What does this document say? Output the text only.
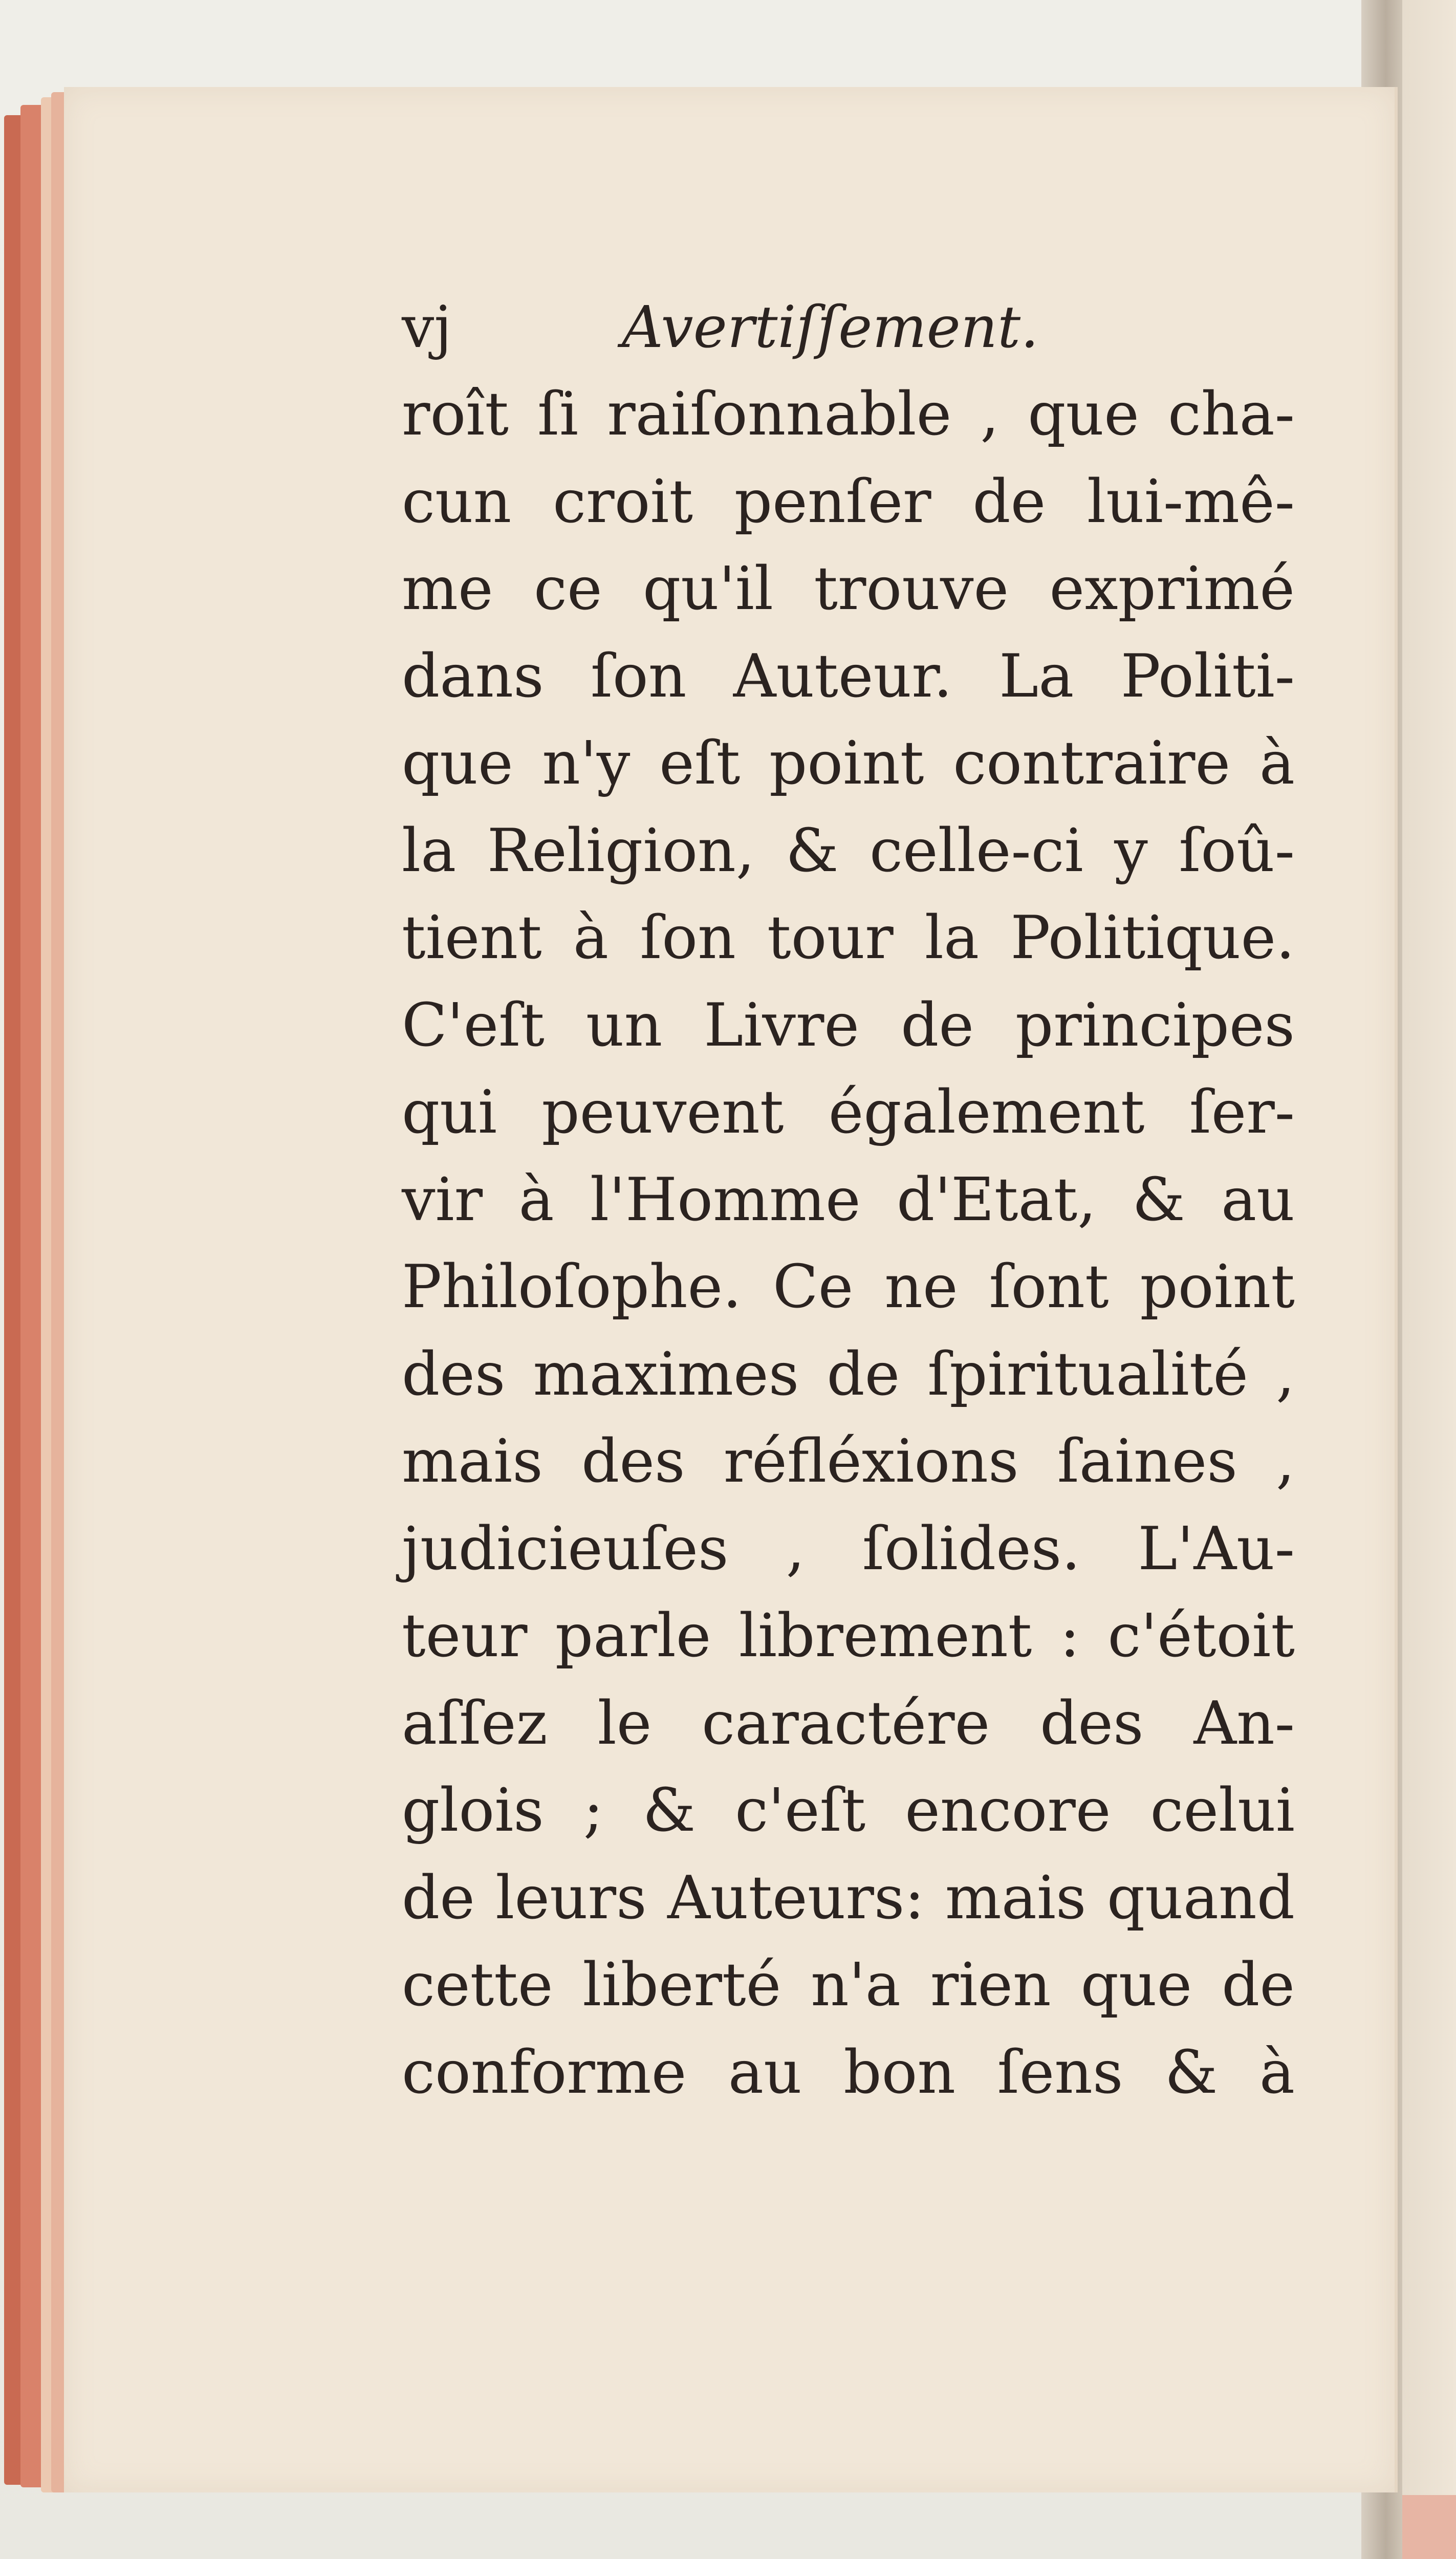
vj	Avertiſſement.
roît ſi raiſonnable , que cha-
cun croit penſer de lui-mê-
me ce qu'il trouve exprimé
dans ſon Auteur. La Politi-
que n'y eſt point contraire à
la Religion, & celle-ci y ſoû-
tient à ſon tour la Politique.
C'eſt un Livre de principes
qui peuvent également ſer-
vir à l'Homme d'Etat, & au
Philoſophe. Ce ne ſont point
des maximes de ſpiritualité ,
mais des réfléxions ſaines ,
judicieuſes , ſolides. L'Au-
teur parle librement : c'étoit
aſſez le caractére des An-
glois ; & c'eſt encore celui
de leurs Auteurs: mais quand
cette liberté n'a rien que de
conforme au bon ſens & à
